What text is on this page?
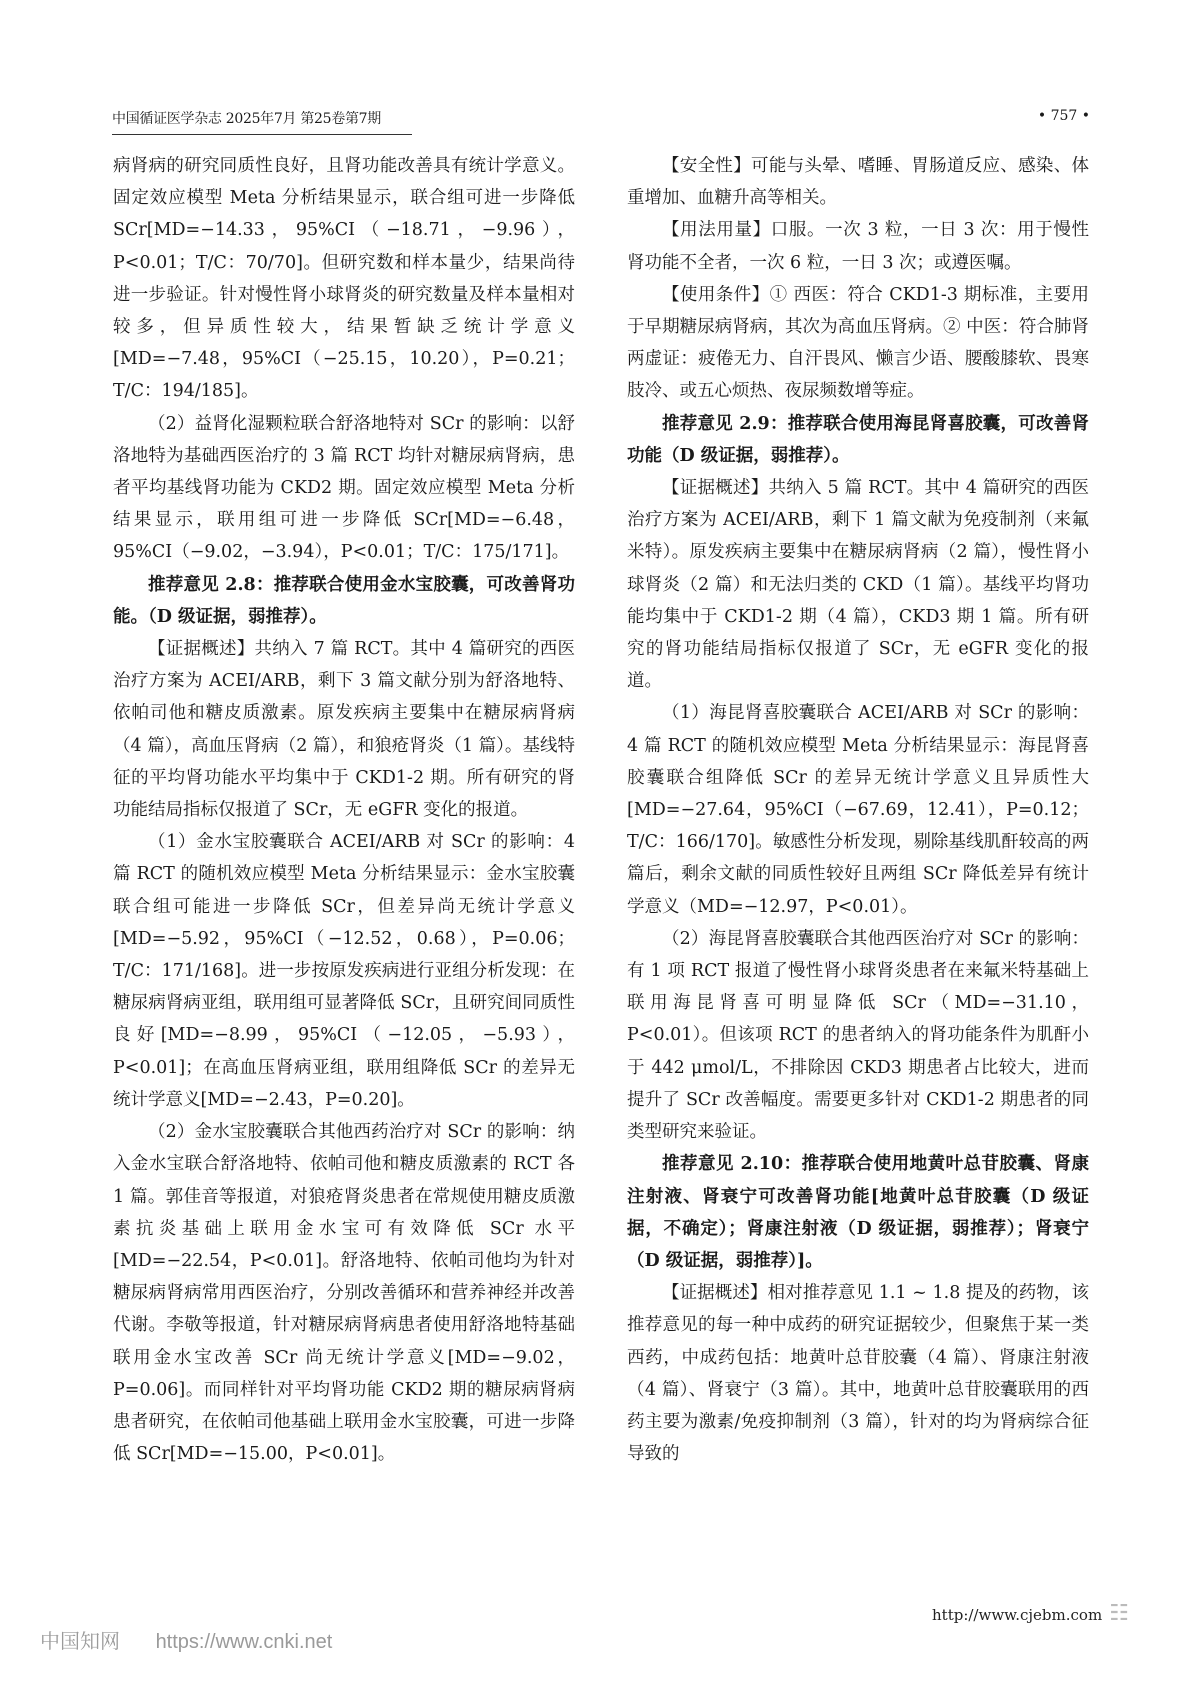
中国循证医学杂志 2025年7月 第25卷第7期	• 757 •

病肾病的研究同质性良好，且肾功能改善具有统计学意义。固定效应模型 Meta 分析结果显示，联合组可进一步降低 SCr[MD=−14.33，95%CI（−18.71，−9.96），P<0.01；T/C：70/70]。但研究数和样本量少，结果尚待进一步验证。针对慢性肾小球肾炎的研究数量及样本量相对较多，但异质性较大，结果暂缺乏统计学意义[MD=−7.48，95%CI（−25.15，10.20），P=0.21；T/C：194/185]。

（2）益肾化湿颗粒联合舒洛地特对 SCr 的影响：以舒洛地特为基础西医治疗的 3 篇 RCT 均针对糖尿病肾病，患者平均基线肾功能为 CKD2 期。固定效应模型 Meta 分析结果显示，联用组可进一步降低 SCr[MD=−6.48，95%CI（−9.02，−3.94），P<0.01；T/C：175/171]。

推荐意见 2.8：推荐联合使用金水宝胶囊，可改善肾功能。（D 级证据，弱推荐）。

【证据概述】共纳入 7 篇 RCT。其中 4 篇研究的西医治疗方案为 ACEI/ARB，剩下 3 篇文献分别为舒洛地特、依帕司他和糖皮质激素。原发疾病主要集中在糖尿病肾病（4 篇），高血压肾病（2 篇），和狼疮肾炎（1 篇）。基线特征的平均肾功能水平均集中于 CKD1-2 期。所有研究的肾功能结局指标仅报道了 SCr，无 eGFR 变化的报道。

（1）金水宝胶囊联合 ACEI/ARB 对 SCr 的影响：4 篇 RCT 的随机效应模型 Meta 分析结果显示：金水宝胶囊联合组可能进一步降低 SCr，但差异尚无统计学意义[MD=−5.92，95%CI（−12.52，0.68），P=0.06；T/C：171/168]。进一步按原发疾病进行亚组分析发现：在糖尿病肾病亚组，联用组可显著降低 SCr，且研究间同质性良好[MD=−8.99，95%CI（−12.05，−5.93），P<0.01]；在高血压肾病亚组，联用组降低 SCr 的差异无统计学意义[MD=−2.43，P=0.20]。

（2）金水宝胶囊联合其他西药治疗对 SCr 的影响：纳入金水宝联合舒洛地特、依帕司他和糖皮质激素的 RCT 各 1 篇。郭佳音等报道，对狼疮肾炎患者在常规使用糖皮质激素抗炎基础上联用金水宝可有效降低 SCr 水平[MD=−22.54，P<0.01]。舒洛地特、依帕司他均为针对糖尿病肾病常用西医治疗，分别改善循环和营养神经并改善代谢。李敬等报道，针对糖尿病肾病患者使用舒洛地特基础联用金水宝改善 SCr 尚无统计学意义[MD=−9.02，P=0.06]。而同样针对平均肾功能 CKD2 期的糖尿病肾病患者研究，在依帕司他基础上联用金水宝胶囊，可进一步降低 SCr[MD=−15.00，P<0.01]。

【安全性】可能与头晕、嗜睡、胃肠道反应、感染、体重增加、血糖升高等相关。

【用法用量】口服。一次 3 粒，一日 3 次：用于慢性肾功能不全者，一次 6 粒，一日 3 次；或遵医嘱。

【使用条件】① 西医：符合 CKD1-3 期标准，主要用于早期糖尿病肾病，其次为高血压肾病。② 中医：符合肺肾两虚证：疲倦无力、自汗畏风、懒言少语、腰酸膝软、畏寒肢冷、或五心烦热、夜尿频数增等症。

推荐意见 2.9：推荐联合使用海昆肾喜胶囊，可改善肾功能（D 级证据，弱推荐）。

【证据概述】共纳入 5 篇 RCT。其中 4 篇研究的西医治疗方案为 ACEI/ARB，剩下 1 篇文献为免疫制剂（来氟米特）。原发疾病主要集中在糖尿病肾病（2 篇），慢性肾小球肾炎（2 篇）和无法归类的 CKD（1 篇）。基线平均肾功能均集中于 CKD1-2 期（4 篇），CKD3 期 1 篇。所有研究的肾功能结局指标仅报道了 SCr，无 eGFR 变化的报道。

（1）海昆肾喜胶囊联合 ACEI/ARB 对 SCr 的影响：4 篇 RCT 的随机效应模型 Meta 分析结果显示：海昆肾喜胶囊联合组降低 SCr 的差异无统计学意义且异质性大[MD=−27.64，95%CI（−67.69，12.41），P=0.12；T/C：166/170]。敏感性分析发现，剔除基线肌酐较高的两篇后，剩余文献的同质性较好且两组 SCr 降低差异有统计学意义（MD=−12.97，P<0.01）。

（2）海昆肾喜胶囊联合其他西医治疗对 SCr 的影响：有 1 项 RCT 报道了慢性肾小球肾炎患者在来氟米特基础上联用海昆肾喜可明显降低 SCr（MD=−31.10，P<0.01）。但该项 RCT 的患者纳入的肾功能条件为肌酐小于 442 μmol/L，不排除因 CKD3 期患者占比较大，进而提升了 SCr 改善幅度。需要更多针对 CKD1-2 期患者的同类型研究来验证。

推荐意见 2.10：推荐联合使用地黄叶总苷胶囊、肾康注射液、肾衰宁可改善肾功能[地黄叶总苷胶囊（D 级证据，不确定）；肾康注射液（D 级证据，弱推荐）；肾衰宁（D 级证据，弱推荐）]。

【证据概述】相对推荐意见 1.1 ~ 1.8 提及的药物，该推荐意见的每一种中成药的研究证据较少，但聚焦于某一类西药，中成药包括：地黄叶总苷胶囊（4 篇）、肾康注射液（4 篇）、肾衰宁（3 篇）。其中，地黄叶总苷胶囊联用的西药主要为激素/免疫抑制剂（3 篇），针对的均为肾病综合征导致的

http://www.cjebm.com ☷
中国知网 https://www.cnki.net
